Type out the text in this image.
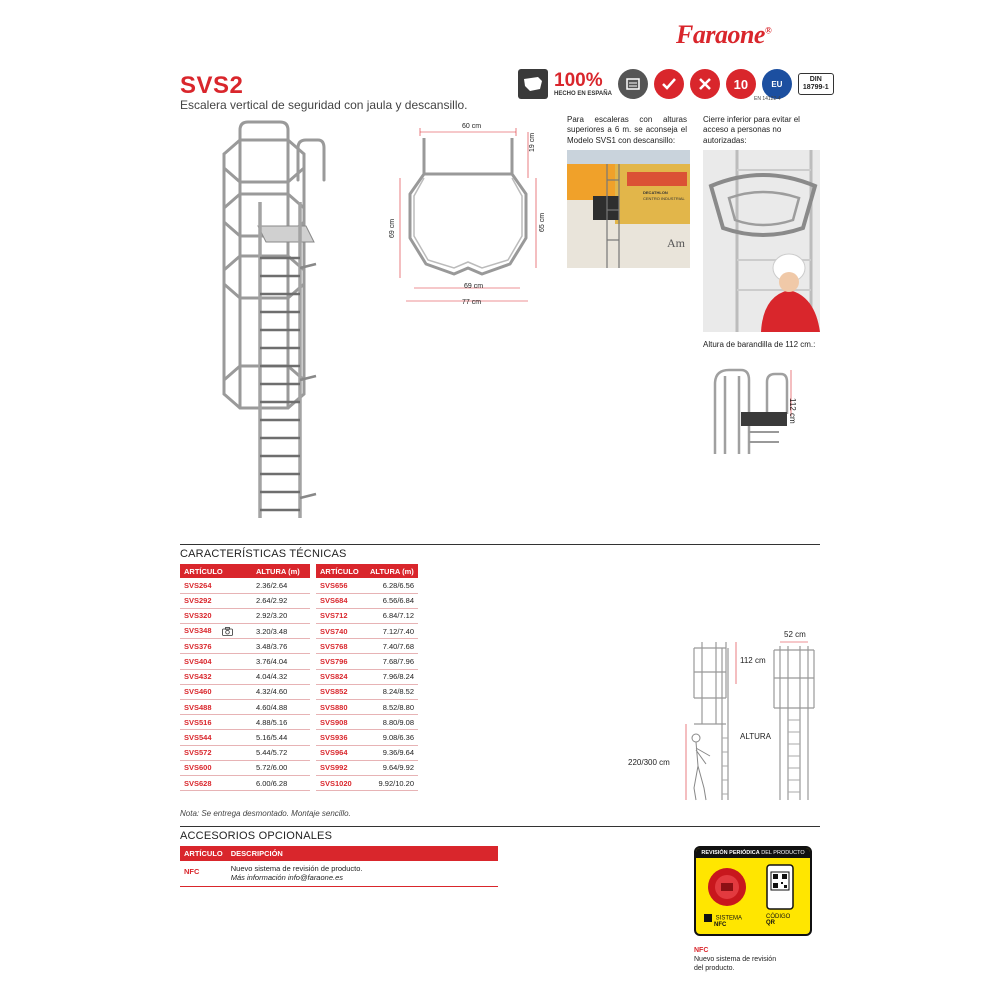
Faraone®
SVS2
Escalera vertical de seguridad con jaula y descansillo.
100%
HECHO EN ESPAÑA
10	EU
DIN
18799-1
EN 14122-4
60 cm
19 cm
65 cm
69 cm
69 cm
77 cm
Para escaleras con alturas superiores a 6 m. se aconseja el Modelo SVS1 con descansillo:
DECATHLON
CENTRO INDUSTRIAL
Am
Cierre inferior para evitar el acceso a personas no autorizadas:
Altura de barandilla de 112 cm.:
112 cm
CARACTERÍSTICAS TÉCNICAS
ARTÍCULO	ALTURA (m)
SVS264	2.36/2.64
SVS292	2.64/2.92
SVS320	2.92/3.20
SVS348	3.20/3.48
SVS376	3.48/3.76
SVS404	3.76/4.04
SVS432	4.04/4.32
SVS460	4.32/4.60
SVS488	4.60/4.88
SVS516	4.88/5.16
SVS544	5.16/5.44
SVS572	5.44/5.72
SVS600	5.72/6.00
SVS628	6.00/6.28
ARTÍCULO	ALTURA (m)
SVS656	6.28/6.56
SVS684	6.56/6.84
SVS712	6.84/7.12
SVS740	7.12/7.40
SVS768	7.40/7.68
SVS796	7.68/7.96
SVS824	7.96/8.24
SVS852	8.24/8.52
SVS880	8.52/8.80
SVS908	8.80/9.08
SVS936	9.08/6.36
SVS964	9.36/9.64
SVS992	9.64/9.92
SVS1020	9.92/10.20
Nota: Se entrega desmontado. Montaje sencillo.
112 cm
52 cm
ALTURA
220/300 cm
ACCESORIOS OPCIONALES
ARTÍCULO	DESCRIPCIÓN
NFC	Nuevo sistema de revisión de producto.
Más información info@faraone.es
REVISIÓN PERIÓDICA DEL PRODUCTO
SISTEMA
NFC
CÓDIGO
QR
NFC
Nuevo sistema de revisión
del producto.
